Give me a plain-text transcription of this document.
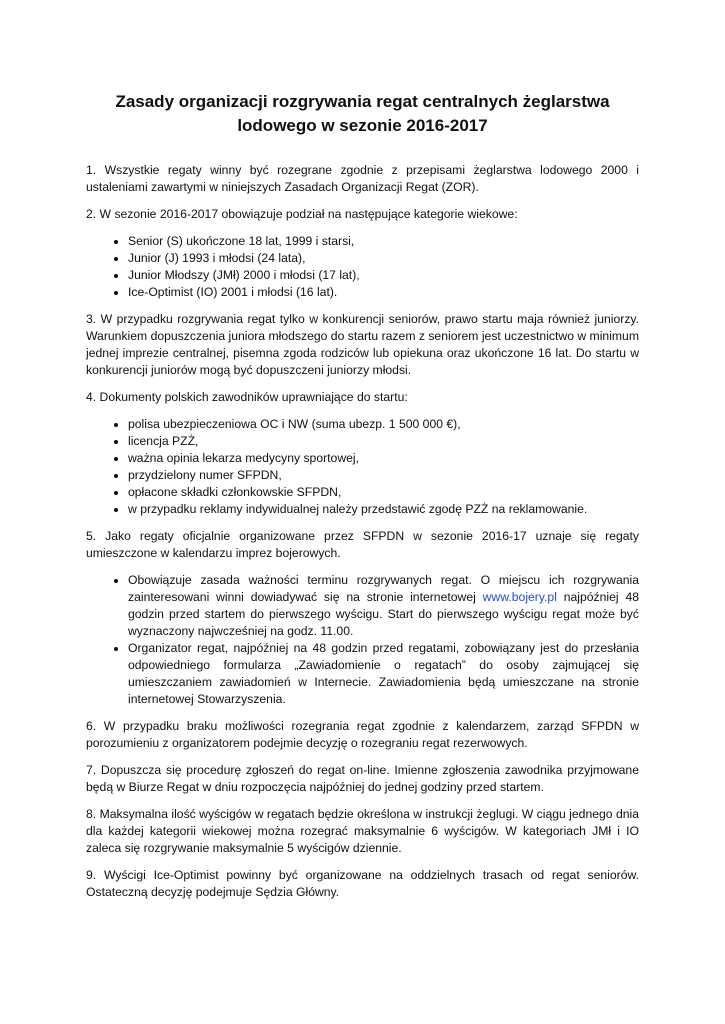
Zasady organizacji rozgrywania regat centralnych żeglarstwa
lodowego w sezonie 2016-2017

1. Wszystkie regaty winny być rozegrane zgodnie z przepisami żeglarstwa lodowego 2000 i ustaleniami zawartymi w niniejszych Zasadach Organizacji Regat (ZOR).

2. W sezonie 2016-2017 obowiązuje podział na następujące kategorie wiekowe:

• Senior (S) ukończone 18 lat, 1999 i starsi,
• Junior (J) 1993 i młodsi (24 lata),
• Junior Młodszy (JMł) 2000 i młodsi (17 lat),
• Ice-Optimist (IO) 2001 i młodsi (16 lat).

3. W przypadku rozgrywania regat tylko w konkurencji seniorów, prawo startu maja również juniorzy. Warunkiem dopuszczenia juniora młodszego do startu razem z seniorem jest uczestnictwo w minimum jednej imprezie centralnej, pisemna zgoda rodziców lub opiekuna oraz ukończone 16 lat. Do startu w konkurencji juniorów mogą być dopuszczeni juniorzy młodsi.

4. Dokumenty polskich zawodników uprawniające do startu:

• polisa ubezpieczeniowa OC i NW (suma ubezp. 1 500 000 €),
• licencja PZŻ,
• ważna opinia lekarza medycyny sportowej,
• przydzielony numer SFPDN,
• opłacone składki członkowskie SFPDN,
• w przypadku reklamy indywidualnej należy przedstawić zgodę PZŻ na reklamowanie.

5. Jako regaty oficjalnie organizowane przez SFPDN w sezonie 2016-17 uznaje się regaty umieszczone w kalendarzu imprez bojerowych.

• Obowiązuje zasada ważności terminu rozgrywanych regat. O miejscu ich rozgrywania zainteresowani winni dowiadywać się na stronie internetowej www.bojery.pl najpóźniej 48 godzin przed startem do pierwszego wyścigu. Start do pierwszego wyścigu regat może być wyznaczony najwcześniej na godz. 11.00.
• Organizator regat, najpóźniej na 48 godzin przed regatami, zobowiązany jest do przesłania odpowiedniego formularza „Zawiadomienie o regatach” do osoby zajmującej się umieszczaniem zawiadomień w Internecie. Zawiadomienia będą umieszczane na stronie internetowej Stowarzyszenia.

6. W przypadku braku możliwości rozegrania regat zgodnie z kalendarzem, zarząd SFPDN w porozumieniu z organizatorem podejmie decyzję o rozegraniu regat rezerwowych.

7. Dopuszcza się procedurę zgłoszeń do regat on-line. Imienne zgłoszenia zawodnika przyjmowane będą w Biurze Regat w dniu rozpoczęcia najpóźniej do jednej godziny przed startem.

8. Maksymalna ilość wyścigów w regatach będzie określona w instrukcji żeglugi. W ciągu jednego dnia dla każdej kategorii wiekowej można rozegrać maksymalnie 6 wyścigów. W kategoriach JMł i IO zaleca się rozgrywanie maksymalnie 5 wyścigów dziennie.

9. Wyścigi Ice-Optimist powinny być organizowane na oddzielnych trasach od regat seniorów. Ostateczną decyzję podejmuje Sędzia Główny.
